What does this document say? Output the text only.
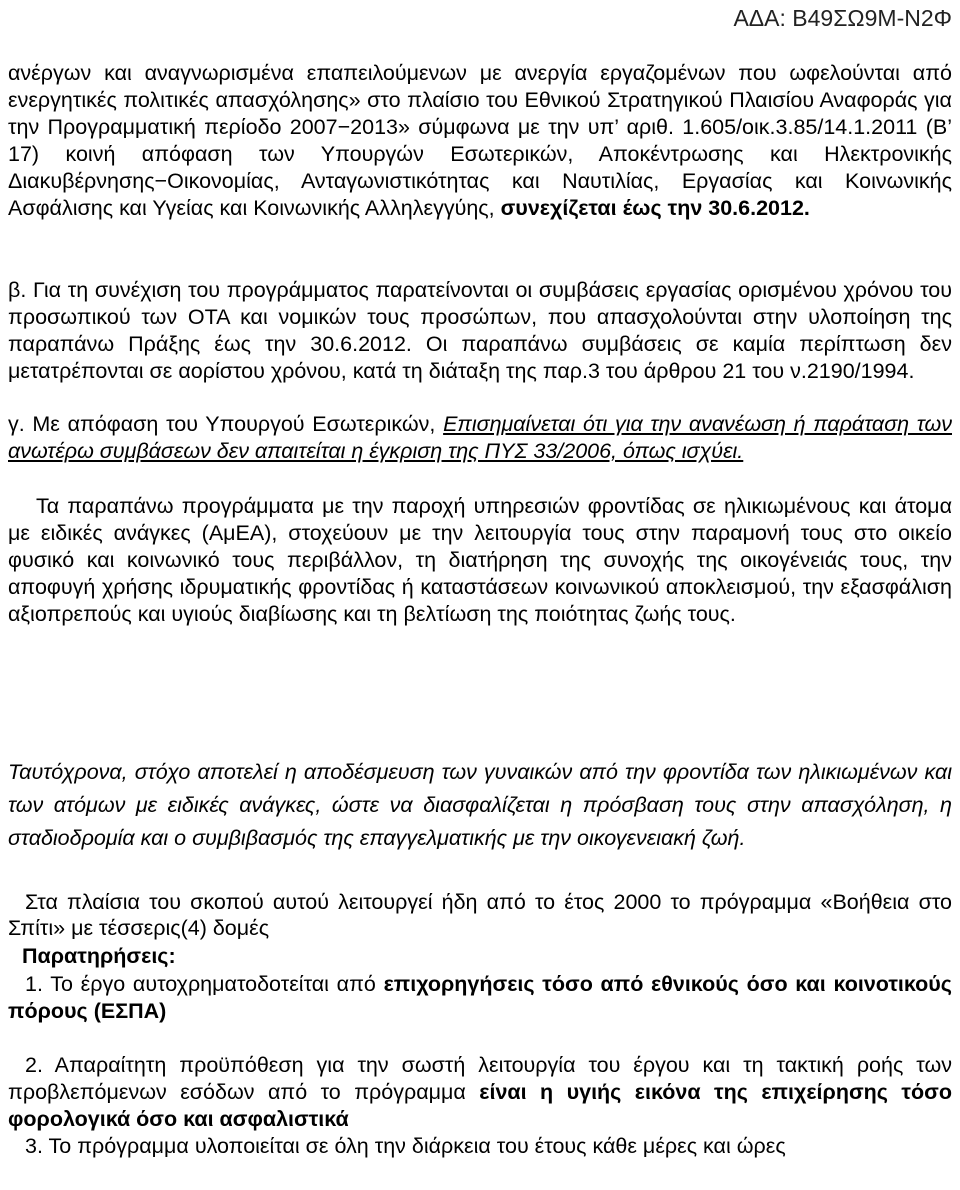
ΑΔΑ: Β49ΣΩ9Μ-Ν2Φ
ανέργων και αναγνωρισμένα επαπειλούμενων με ανεργία εργαζομένων που ωφελούνται από ενεργητικές πολιτικές απασχόλησης» στο πλαίσιο του Εθνικού Στρατηγικού Πλαισίου Αναφοράς για την Προγραμματική περίοδο 2007−2013» σύμφωνα με την υπ’ αριθ. 1.605/οικ.3.85/14.1.2011 (Β’ 17) κοινή απόφαση των Υπουργών Εσωτερικών, Αποκέντρωσης και Ηλεκτρονικής Διακυβέρνησης−Οικονομίας, Ανταγωνιστικότητας και Ναυτιλίας, Εργασίας και Κοινωνικής Ασφάλισης και Υγείας και Κοινωνικής Αλληλεγγύης, συνεχίζεται έως την 30.6.2012.
β. Για τη συνέχιση του προγράμματος παρατείνονται οι συμβάσεις εργασίας ορισμένου χρόνου του προσωπικού των ΟΤΑ και νομικών τους προσώπων, που απασχολούνται στην υλοποίηση της παραπάνω Πράξης έως την 30.6.2012. Οι παραπάνω συμβάσεις σε καμία περίπτωση δεν μετατρέπονται σε αορίστου χρόνου, κατά τη διάταξη της παρ.3 του άρθρου 21 του ν.2190/1994.
γ. Με απόφαση του Υπουργού Εσωτερικών, Επισημαίνεται ότι για την ανανέωση ή παράταση των ανωτέρω συμβάσεων δεν απαιτείται η έγκριση της ΠΥΣ 33/2006, όπως ισχύει.
Τα παραπάνω προγράμματα με την παροχή υπηρεσιών φροντίδας σε ηλικιωμένους και άτομα με ειδικές ανάγκες (ΑμΕΑ), στοχεύουν με την λειτουργία τους στην παραμονή τους στο οικείο φυσικό και κοινωνικό τους περιβάλλον, τη διατήρηση της συνοχής της οικογένειάς τους, την αποφυγή χρήσης ιδρυματικής φροντίδας ή καταστάσεων κοινωνικού αποκλεισμού, την εξασφάλιση αξιοπρεπούς και υγιούς διαβίωσης και τη βελτίωση της ποιότητας ζωής τους.
Ταυτόχρονα, στόχο αποτελεί η αποδέσμευση των γυναικών από την φροντίδα των ηλικιωμένων και των ατόμων με ειδικές ανάγκες, ώστε να διασφαλίζεται η πρόσβαση τους στην απασχόληση, η σταδιοδρομία και ο συμβιβασμός της επαγγελματικής με την οικογενειακή ζωή.
Στα πλαίσια του σκοπού αυτού λειτουργεί ήδη από το έτος 2000 το πρόγραμμα «Βοήθεια στο Σπίτι» με τέσσερις(4) δομές
Παρατηρήσεις:
1. Το έργο αυτοχρηματοδοτείται από επιχορηγήσεις τόσο από εθνικούς όσο και κοινοτικούς πόρους (ΕΣΠΑ)
2. Απαραίτητη προϋπόθεση για την σωστή λειτουργία του έργου και τη τακτική ροής των προβλεπόμενων εσόδων από το πρόγραμμα είναι η υγιής εικόνα της επιχείρησης τόσο φορολογικά όσο και ασφαλιστικά
3. Το πρόγραμμα υλοποιείται σε όλη την διάρκεια του έτους κάθε μέρες και ώρες
